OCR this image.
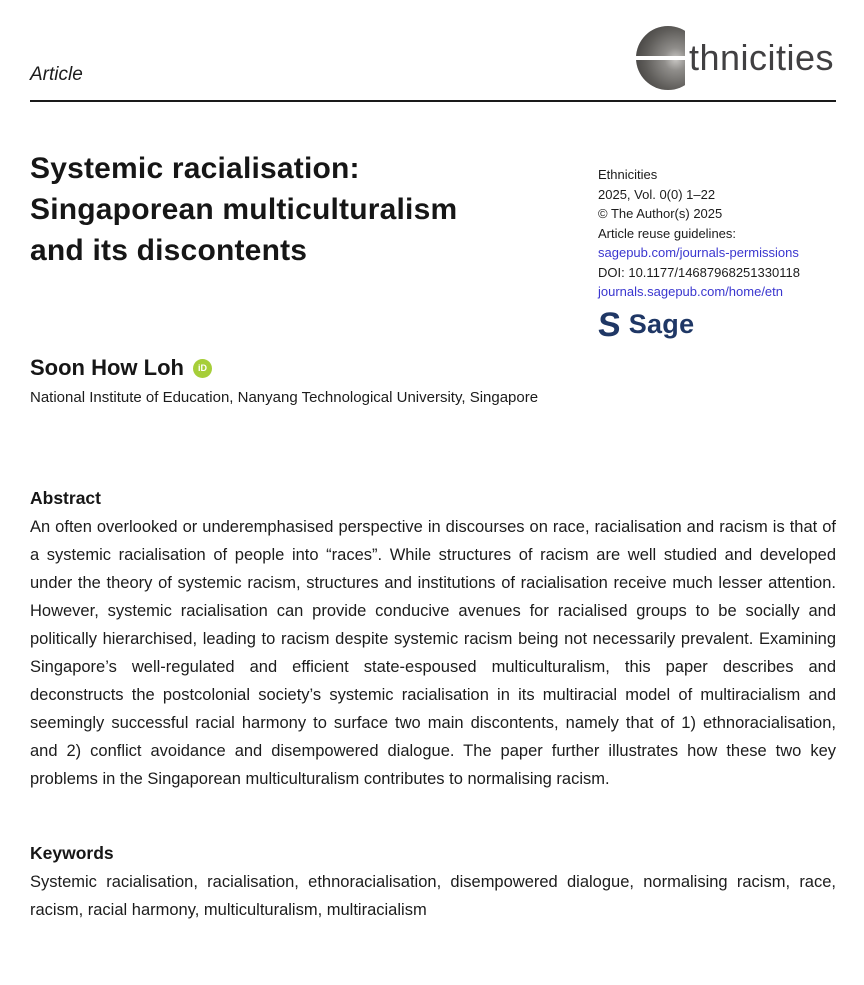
Article	thnicities
Systemic racialisation:
Singaporean multiculturalism
and its discontents
Ethnicities
2025, Vol. 0(0) 1–22
© The Author(s) 2025
Article reuse guidelines:
sagepub.com/journals-permissions
DOI: 10.1177/14687968251330118
journals.sagepub.com/home/etn
S Sage
Soon How Loh	iD
National Institute of Education, Nanyang Technological University, Singapore
Abstract

An often overlooked or underemphasised perspective in discourses on race, racialisation and racism is that of a systemic racialisation of people into “races”. While structures of racism are well studied and developed under the theory of systemic racism, structures and institutions of racialisation receive much lesser attention. However, systemic racialisation can provide conducive avenues for racialised groups to be socially and politically hierarchised, leading to racism despite systemic racism being not necessarily prevalent. Examining Singapore’s well-regulated and efficient state-espoused multiculturalism, this paper describes and deconstructs the postcolonial society’s systemic racialisation in its multiracial model of multiracialism and seemingly successful racial harmony to surface two main discontents, namely that of 1) ethnoracialisation, and 2) conflict avoidance and disempowered dialogue. The paper further illustrates how these two key problems in the Singaporean multiculturalism contributes to normalising racism.

Keywords

Systemic racialisation, racialisation, ethnoracialisation, disempowered dialogue, normalising racism, race, racism, racial harmony, multiculturalism, multiracialism
